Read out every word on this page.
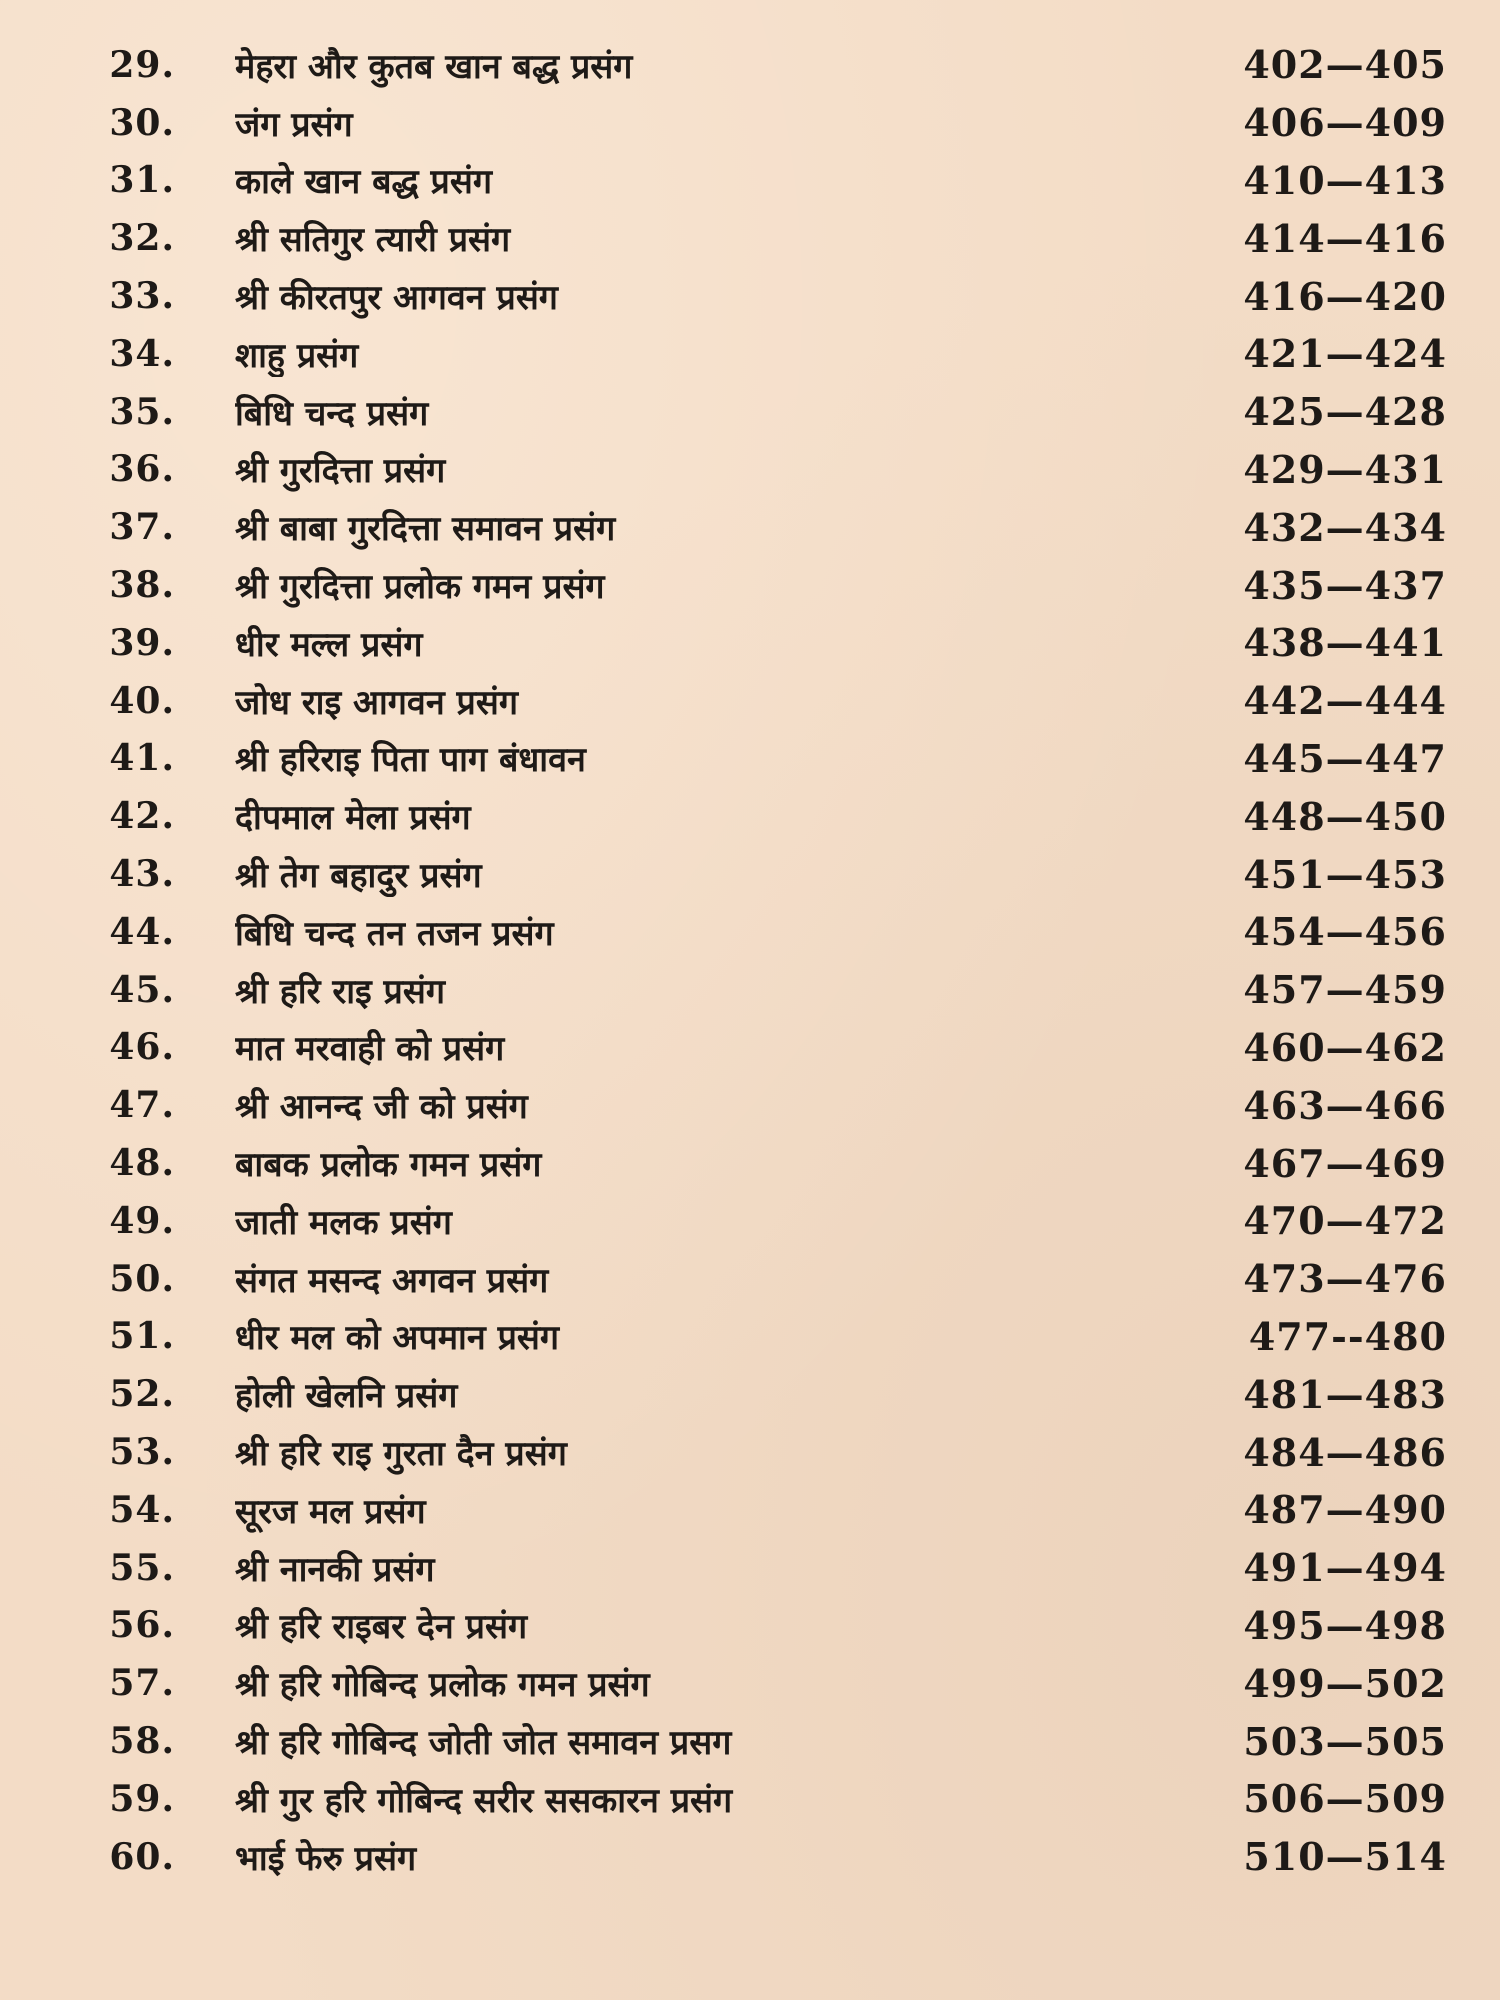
29. मेहरा और कुतब खान बद्ध प्रसंग	402—405
30. जंग प्रसंग	406—409
31. काले खान बद्ध प्रसंग	410—413
32. श्री सतिगुर त्यारी प्रसंग	414—416
33. श्री कीरतपुर आगवन प्रसंग	416—420
34. शाहु प्रसंग	421—424
35. बिधि चन्द प्रसंग	425—428
36. श्री गुरदित्ता प्रसंग	429—431
37. श्री बाबा गुरदित्ता समावन प्रसंग	432—434
38. श्री गुरदित्ता प्रलोक गमन प्रसंग	435—437
39. धीर मल्ल प्रसंग	438—441
40. जोध राइ आगवन प्रसंग	442—444
41. श्री हरिराइ पिता पाग बंधावन	445—447
42. दीपमाल मेला प्रसंग	448—450
43. श्री तेग बहादुर प्रसंग	451—453
44. बिधि चन्द तन तजन प्रसंग	454—456
45. श्री हरि राइ प्रसंग	457—459
46. मात मरवाही को प्रसंग	460—462
47. श्री आनन्द जी को प्रसंग	463—466
48. बाबक प्रलोक गमन प्रसंग	467—469
49. जाती मलक प्रसंग	470—472
50. संगत मसन्द अगवन प्रसंग	473—476
51. धीर मल को अपमान प्रसंग	477--480
52. होली खेलनि प्रसंग	481—483
53. श्री हरि राइ गुरता दैन प्रसंग	484—486
54. सूरज मल प्रसंग	487—490
55. श्री नानकी प्रसंग	491—494
56. श्री हरि राइबर देन प्रसंग	495—498
57. श्री हरि गोबिन्द प्रलोक गमन प्रसंग	499—502
58. श्री हरि गोबिन्द जोती जोत समावन प्रसग	503—505
59. श्री गुर हरि गोबिन्द सरीर ससकारन प्रसंग	506—509
60. भाई फेरु प्रसंग	510—514
